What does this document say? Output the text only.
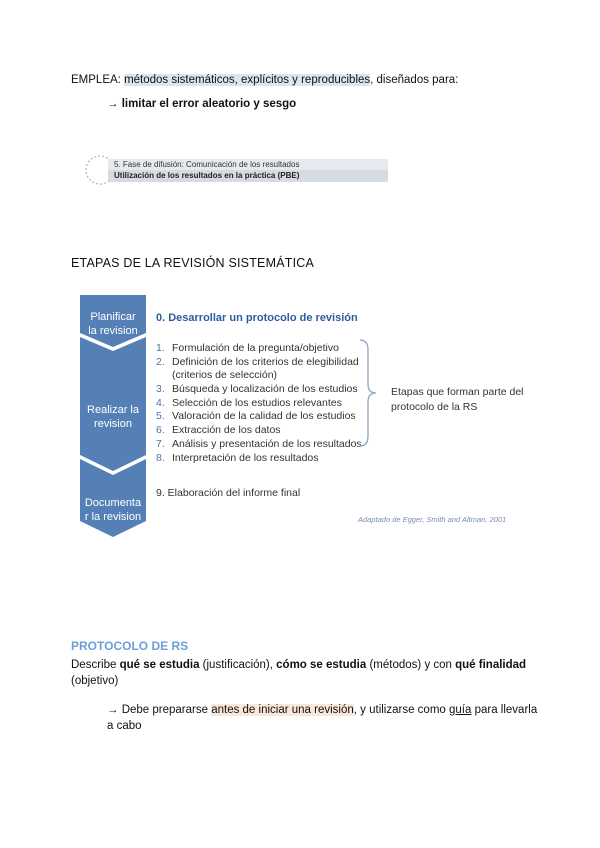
EMPLEA: métodos sistemáticos, explícitos y reproducibles, diseñados para:
→ limitar el error aleatorio y sesgo
5. Fase de difusión: Comunicación de los resultados
Utilización de los resultados en la práctica (PBE)
ETAPAS DE LA REVISIÓN SISTEMÁTICA
Planificar
la revision
Realizar la
revision
Documenta
r la revision
0. Desarrollar un protocolo de revisión
1. Formulación de la pregunta/objetivo
2. Definición de los criterios de elegibilidad
(criterios de selección)
3. Búsqueda y localización de los estudios
4. Selección de los estudios relevantes
5. Valoración de la calidad de los estudios
6. Extracción de los datos
7. Análisis y presentación de los resultados
8. Interpretación de los resultados
9. Elaboración del informe final
Etapas que forman parte del
protocolo de la RS
Adaptado de Egger, Smith and Altman, 2001
PROTOCOLO DE RS
Describe qué se estudia (justificación), cómo se estudia (métodos) y con qué finalidad
(objetivo)
→ Debe prepararse antes de iniciar una revisión, y utilizarse como guía para llevarla
a cabo
